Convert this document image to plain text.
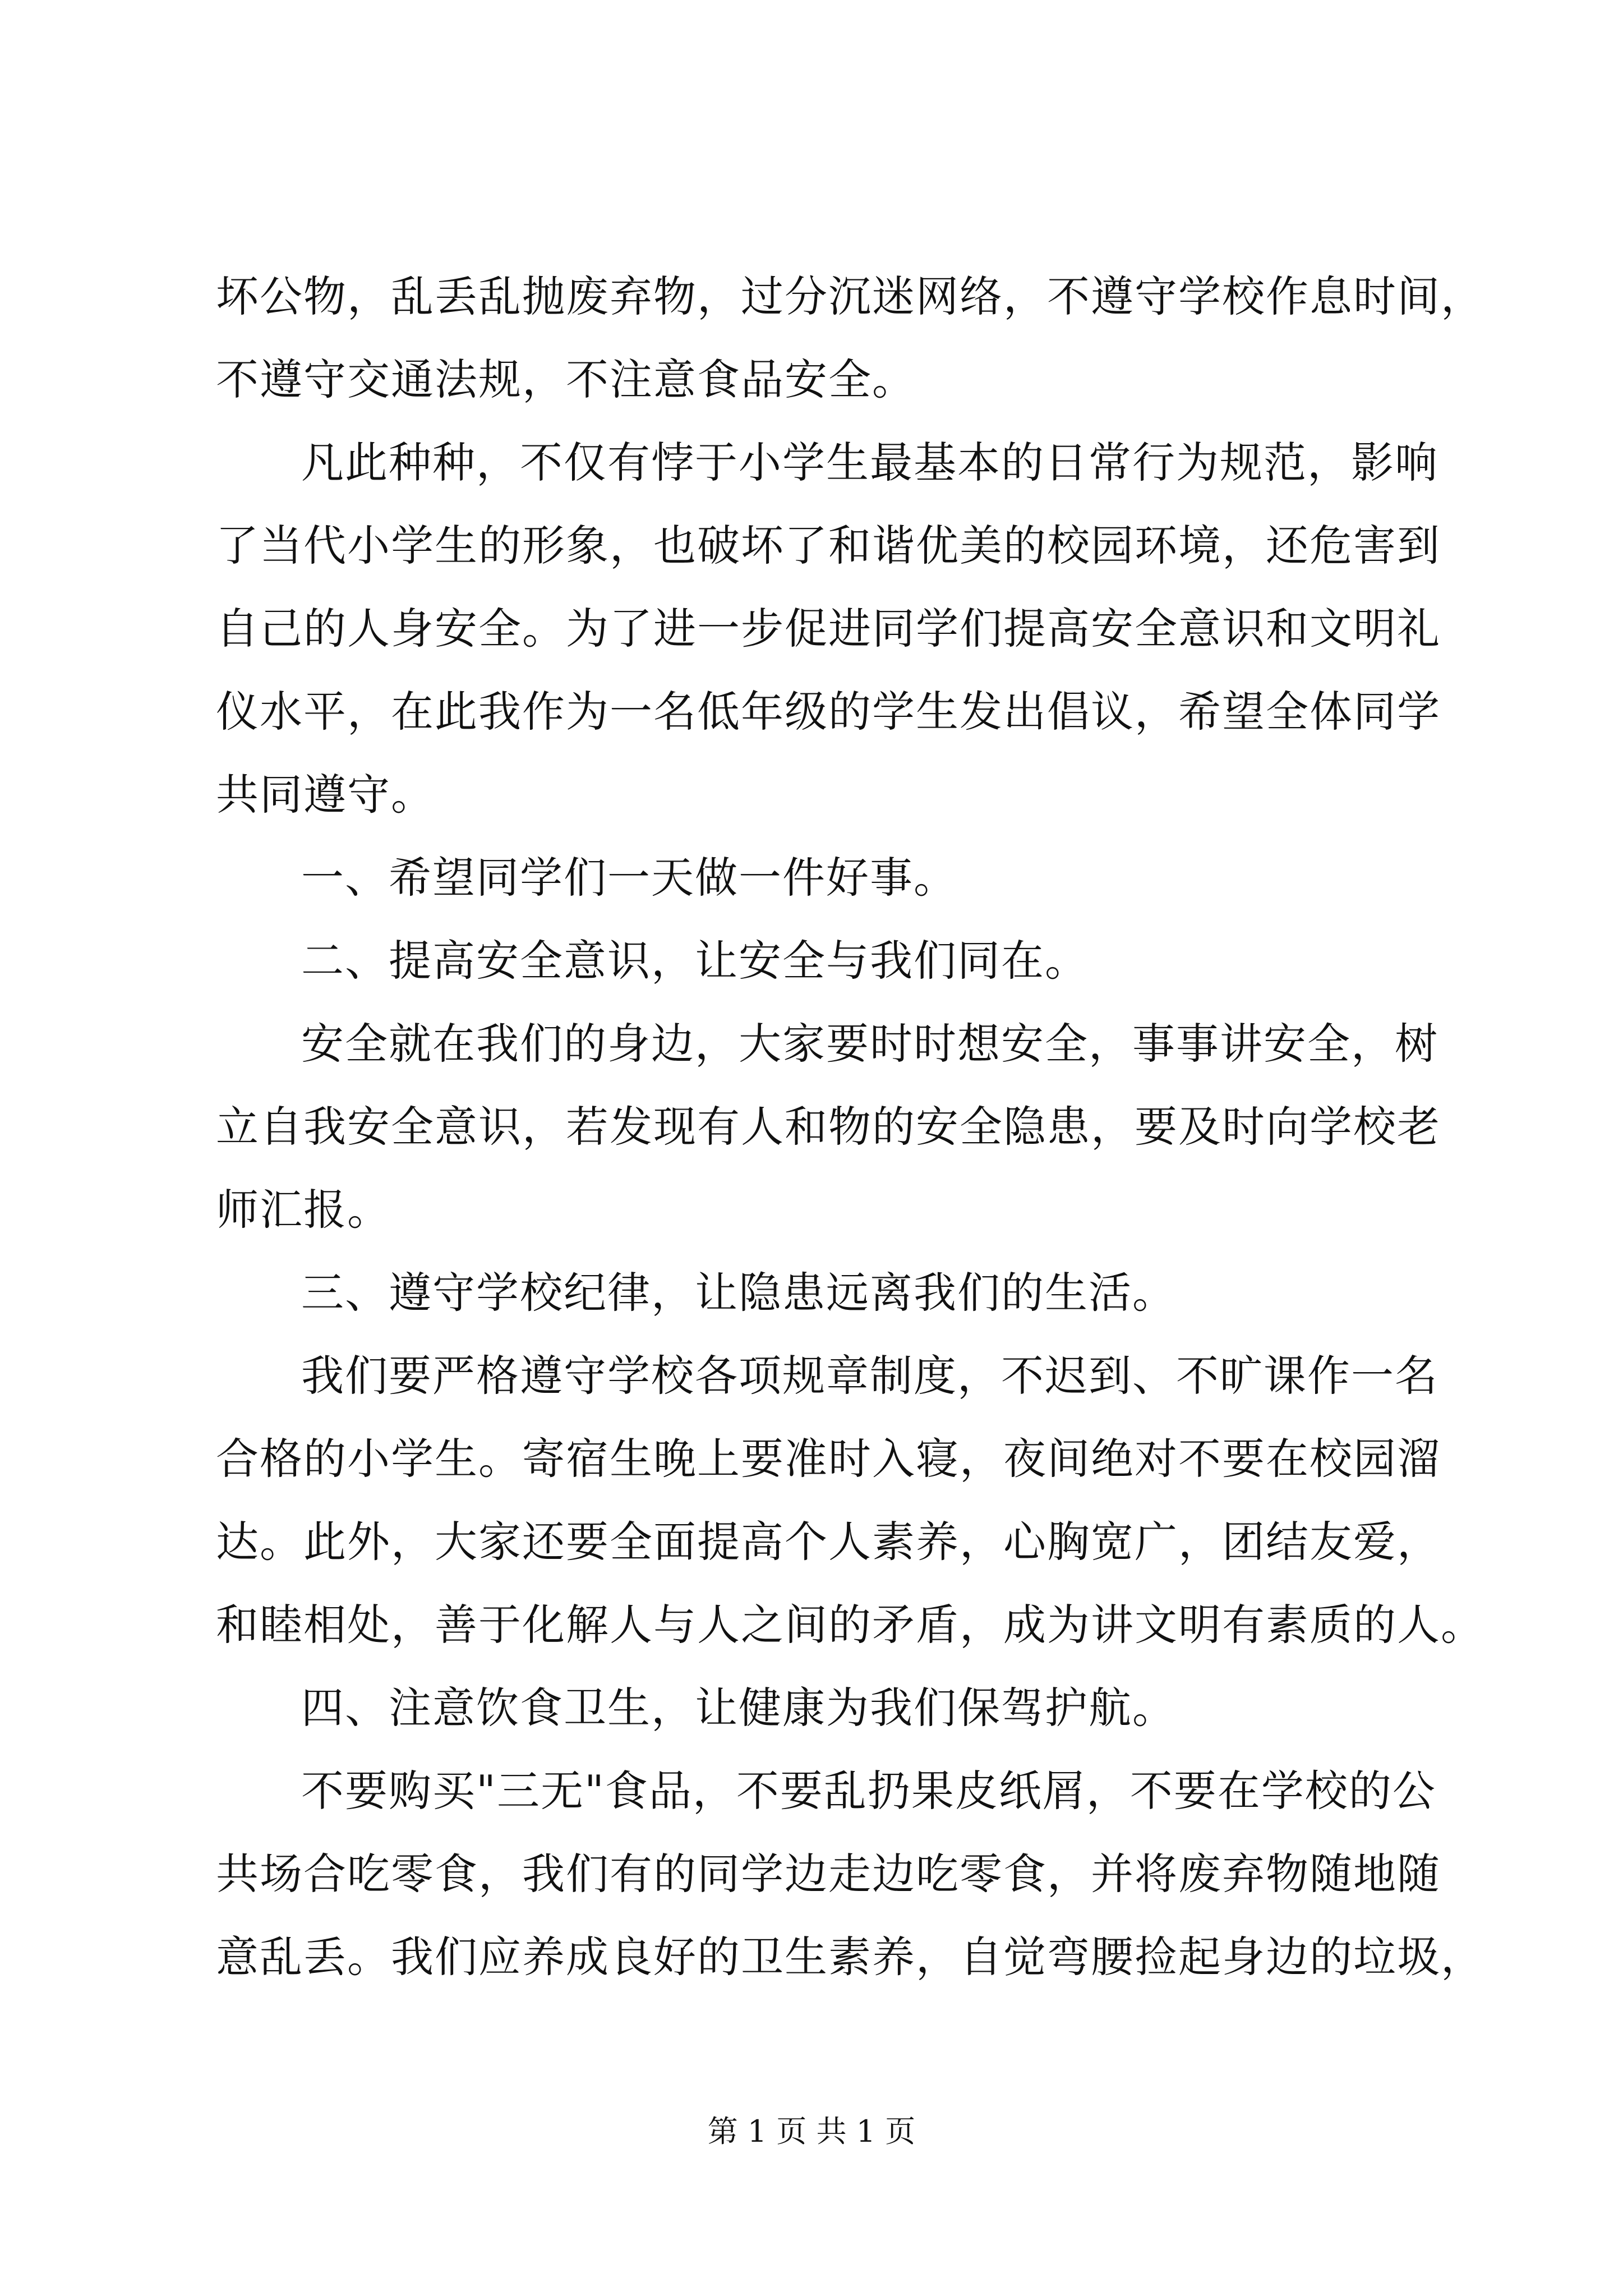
坏公物，乱丢乱抛废弃物，过分沉迷网络，不遵守学校作息时间，
不遵守交通法规，不注意食品安全。
凡此种种，不仅有悖于小学生最基本的日常行为规范，影响
了当代小学生的形象，也破坏了和谐优美的校园环境，还危害到
自己的人身安全。为了进一步促进同学们提高安全意识和文明礼
仪水平，在此我作为一名低年级的学生发出倡议，希望全体同学
共同遵守。
一、希望同学们一天做一件好事。
二、提高安全意识，让安全与我们同在。
安全就在我们的身边，大家要时时想安全，事事讲安全，树
立自我安全意识，若发现有人和物的安全隐患，要及时向学校老
师汇报。
三、遵守学校纪律，让隐患远离我们的生活。
我们要严格遵守学校各项规章制度，不迟到、不旷课作一名
合格的小学生。寄宿生晚上要准时入寝，夜间绝对不要在校园溜
达。此外，大家还要全面提高个人素养，心胸宽广，团结友爱，
和睦相处，善于化解人与人之间的矛盾，成为讲文明有素质的人。
四、注意饮食卫生，让健康为我们保驾护航。
不要购买"三无"食品，不要乱扔果皮纸屑，不要在学校的公
共场合吃零食，我们有的同学边走边吃零食，并将废弃物随地随
意乱丢。我们应养成良好的卫生素养，自觉弯腰捡起身边的垃圾，
第 1 页 共 1 页
